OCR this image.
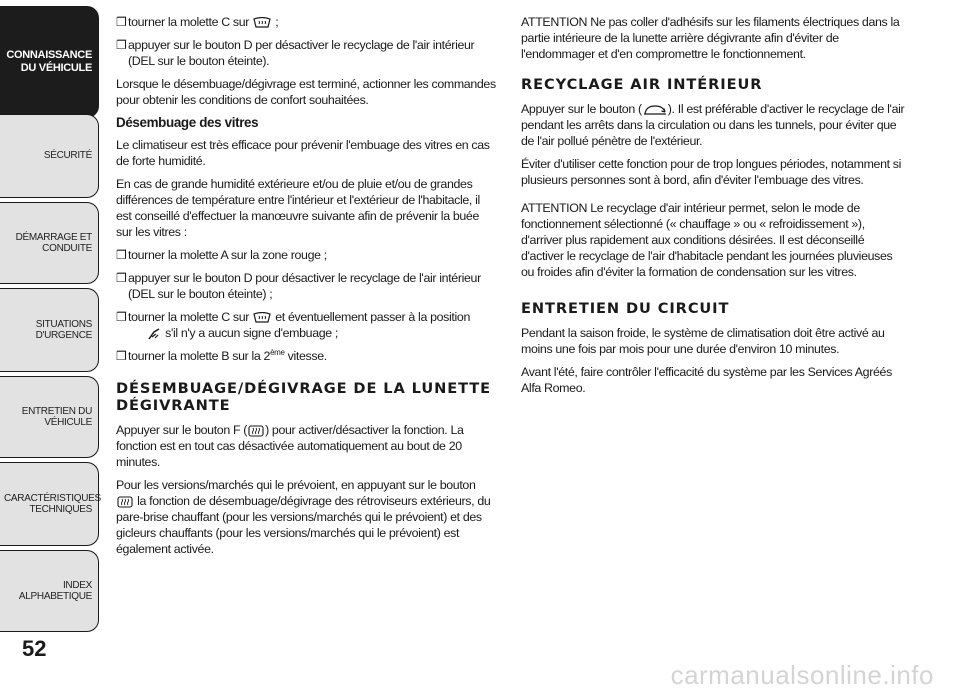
CONNAISSANCE
DU VÉHICULE
SÉCURITÉ
DÉMARRAGE ET
CONDUITE
SITUATIONS
D'URGENCE
ENTRETIEN DU
VÉHICULE
CARACTÉRISTIQUES
TECHNIQUES
INDEX
ALPHABETIQUE
52
carmanualsonline.info
❒ tourner la molette C sur ;
❒ appuyer sur le bouton D per désactiver le recyclage de l'air intérieur (DEL sur le bouton éteinte).

Lorsque le désembuage/dégivrage est terminé, actionner les commandes pour obtenir les conditions de confort souhaitées.

Désembuage des vitres

Le climatiseur est très efficace pour prévenir l'embuage des vitres en cas de forte humidité.

En cas de grande humidité extérieure et/ou de pluie et/ou de grandes différences de température entre l'intérieur et l'extérieur de l'habitacle, il est conseillé d'effectuer la manœuvre suivante afin de prévenir la buée sur les vitres :

❒ tourner la molette A sur la zone rouge ;
❒ appuyer sur le bouton D pour désactiver le recyclage de l'air intérieur (DEL sur le bouton éteinte) ;
❒ tourner la molette C sur et éventuellement passer à la position

s'il n'y a aucun signe d'embuage ;
❒ tourner la molette B sur la 2ème vitesse.
DÉSEMBUAGE/DÉGIVRAGE DE LA LUNETTE DÉGIVRANTE

Appuyer sur le bouton F ( ) pour activer/désactiver la fonction. La fonction est en tout cas désactivée automatiquement au bout de 20 minutes.

Pour les versions/marchés qui le prévoient, en appuyant sur le bouton

la fonction de désembuage/dégivrage des rétroviseurs extérieurs, du pare-brise chauffant (pour les versions/marchés qui le prévoient) et des gicleurs chauffants (pour les versions/marchés qui le prévoient) est également activée.

ATTENTION Ne pas coller d'adhésifs sur les filaments électriques dans la partie intérieure de la lunette arrière dégivrante afin d'éviter de l'endommager et d'en compromettre le fonctionnement.

RECYCLAGE AIR INTÉRIEUR

Appuyer sur le bouton ( ). Il est préférable d'activer le recyclage de l'air pendant les arrêts dans la circulation ou dans les tunnels, pour éviter que de l'air pollué pénètre de l'extérieur.

Éviter d'utiliser cette fonction pour de trop longues périodes, notamment si plusieurs personnes sont à bord, afin d'éviter l'embuage des vitres.

ATTENTION Le recyclage d'air intérieur permet, selon le mode de fonctionnement sélectionné (« chauffage » ou « refroidissement »), d'arriver plus rapidement aux conditions désirées. Il est déconseillé d'activer le recyclage de l'air d'habitacle pendant les journées pluvieuses ou froides afin d'éviter la formation de condensation sur les vitres.

ENTRETIEN DU CIRCUIT

Pendant la saison froide, le système de climatisation doit être activé au moins une fois par mois pour une durée d'environ 10 minutes.

Avant l'été, faire contrôler l'efficacité du système par les Services Agréés Alfa Romeo.
